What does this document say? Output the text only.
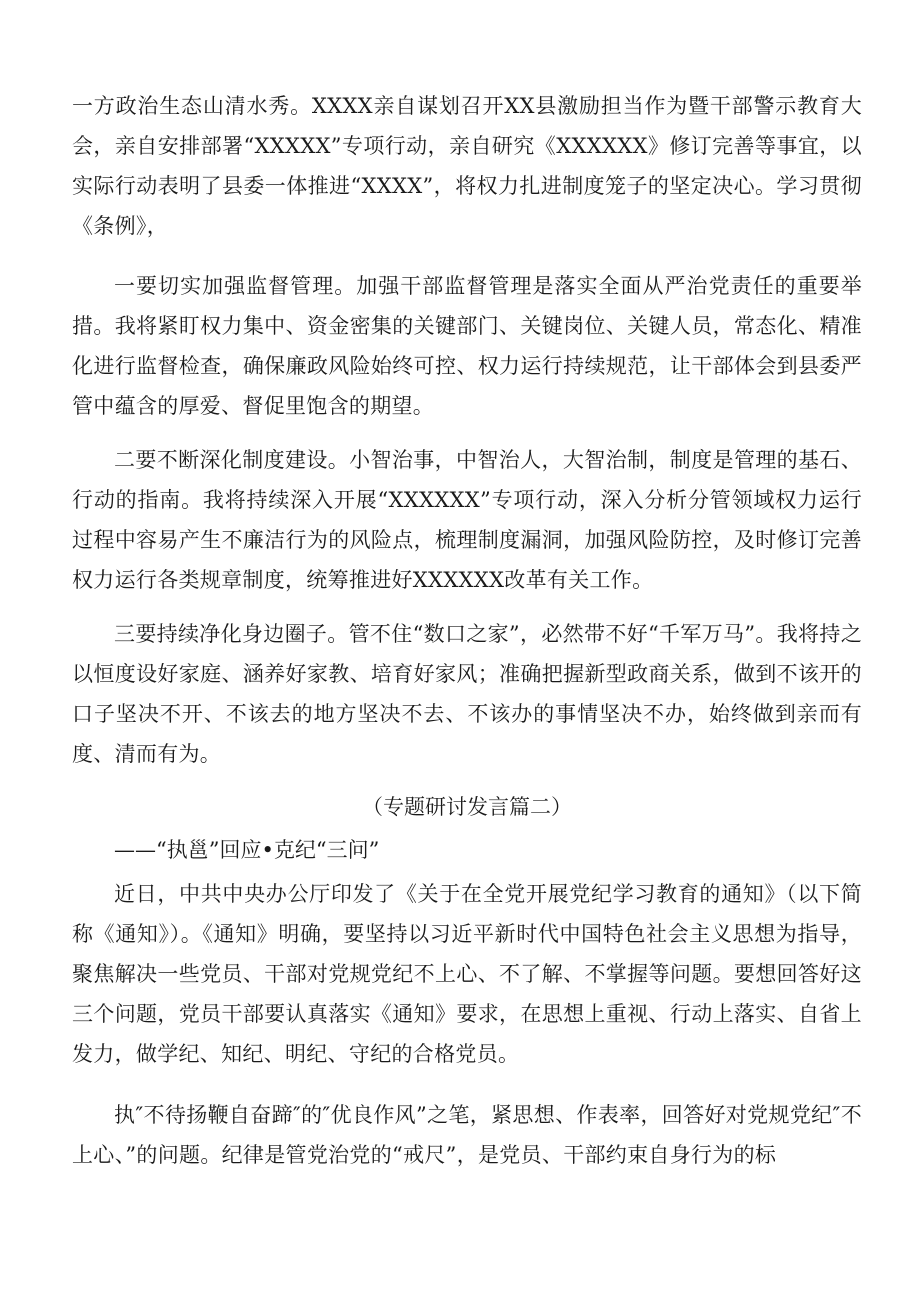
一方政治生态山清水秀。XXXX亲自谋划召开XX县激励担当作为暨干部警示教育大会，亲自安排部署“XXXXX”专项行动，亲自研究《XXXXXX》修订完善等事宜，以实际行动表明了县委一体推进“XXXX”，将权力扎进制度笼子的坚定决心。学习贯彻《条例》，

一要切实加强监督管理。加强干部监督管理是落实全面从严治党责任的重要举措。我将紧盯权力集中、资金密集的关键部门、关键岗位、关键人员，常态化、精准化进行监督检查，确保廉政风险始终可控、权力运行持续规范，让干部体会到县委严管中蕴含的厚爱、督促里饱含的期望。

二要不断深化制度建设。小智治事，中智治人，大智治制，制度是管理的基石、行动的指南。我将持续深入开展“XXXXXX”专项行动，深入分析分管领域权力运行过程中容易产生不廉洁行为的风险点，梳理制度漏洞，加强风险防控，及时修订完善权力运行各类规章制度，统筹推进好XXXXXX改革有关工作。

三要持续净化身边圈子。管不住“数口之家”，必然带不好“千军万马”。我将持之以恒度设好家庭、涵养好家教、培育好家风；准确把握新型政商关系，做到不该开的口子坚决不开、不该去的地方坚决不去、不该办的事情坚决不办，始终做到亲而有度、清而有为。

（专题研讨发言篇二）

——“执邕”回应•克纪“三问”

近日，中共中央办公厅印发了《关于在全党开展党纪学习教育的通知》（以下简称《通知》）。《通知》明确，要坚持以习近平新时代中国特色社会主义思想为指导，聚焦解决一些党员、干部对党规党纪不上心、不了解、不掌握等问题。要想回答好这三个问题，党员干部要认真落实《通知》要求，在思想上重视、行动上落实、自省上发力，做学纪、知纪、明纪、守纪的合格党员。

执″不待扬鞭自奋蹄″的″优良作风”之笔，紧思想、作表率，回答好对党规党纪″不上心、”的问题。纪律是管党治党的“戒尺”，是党员、干部约束自身行为的标
